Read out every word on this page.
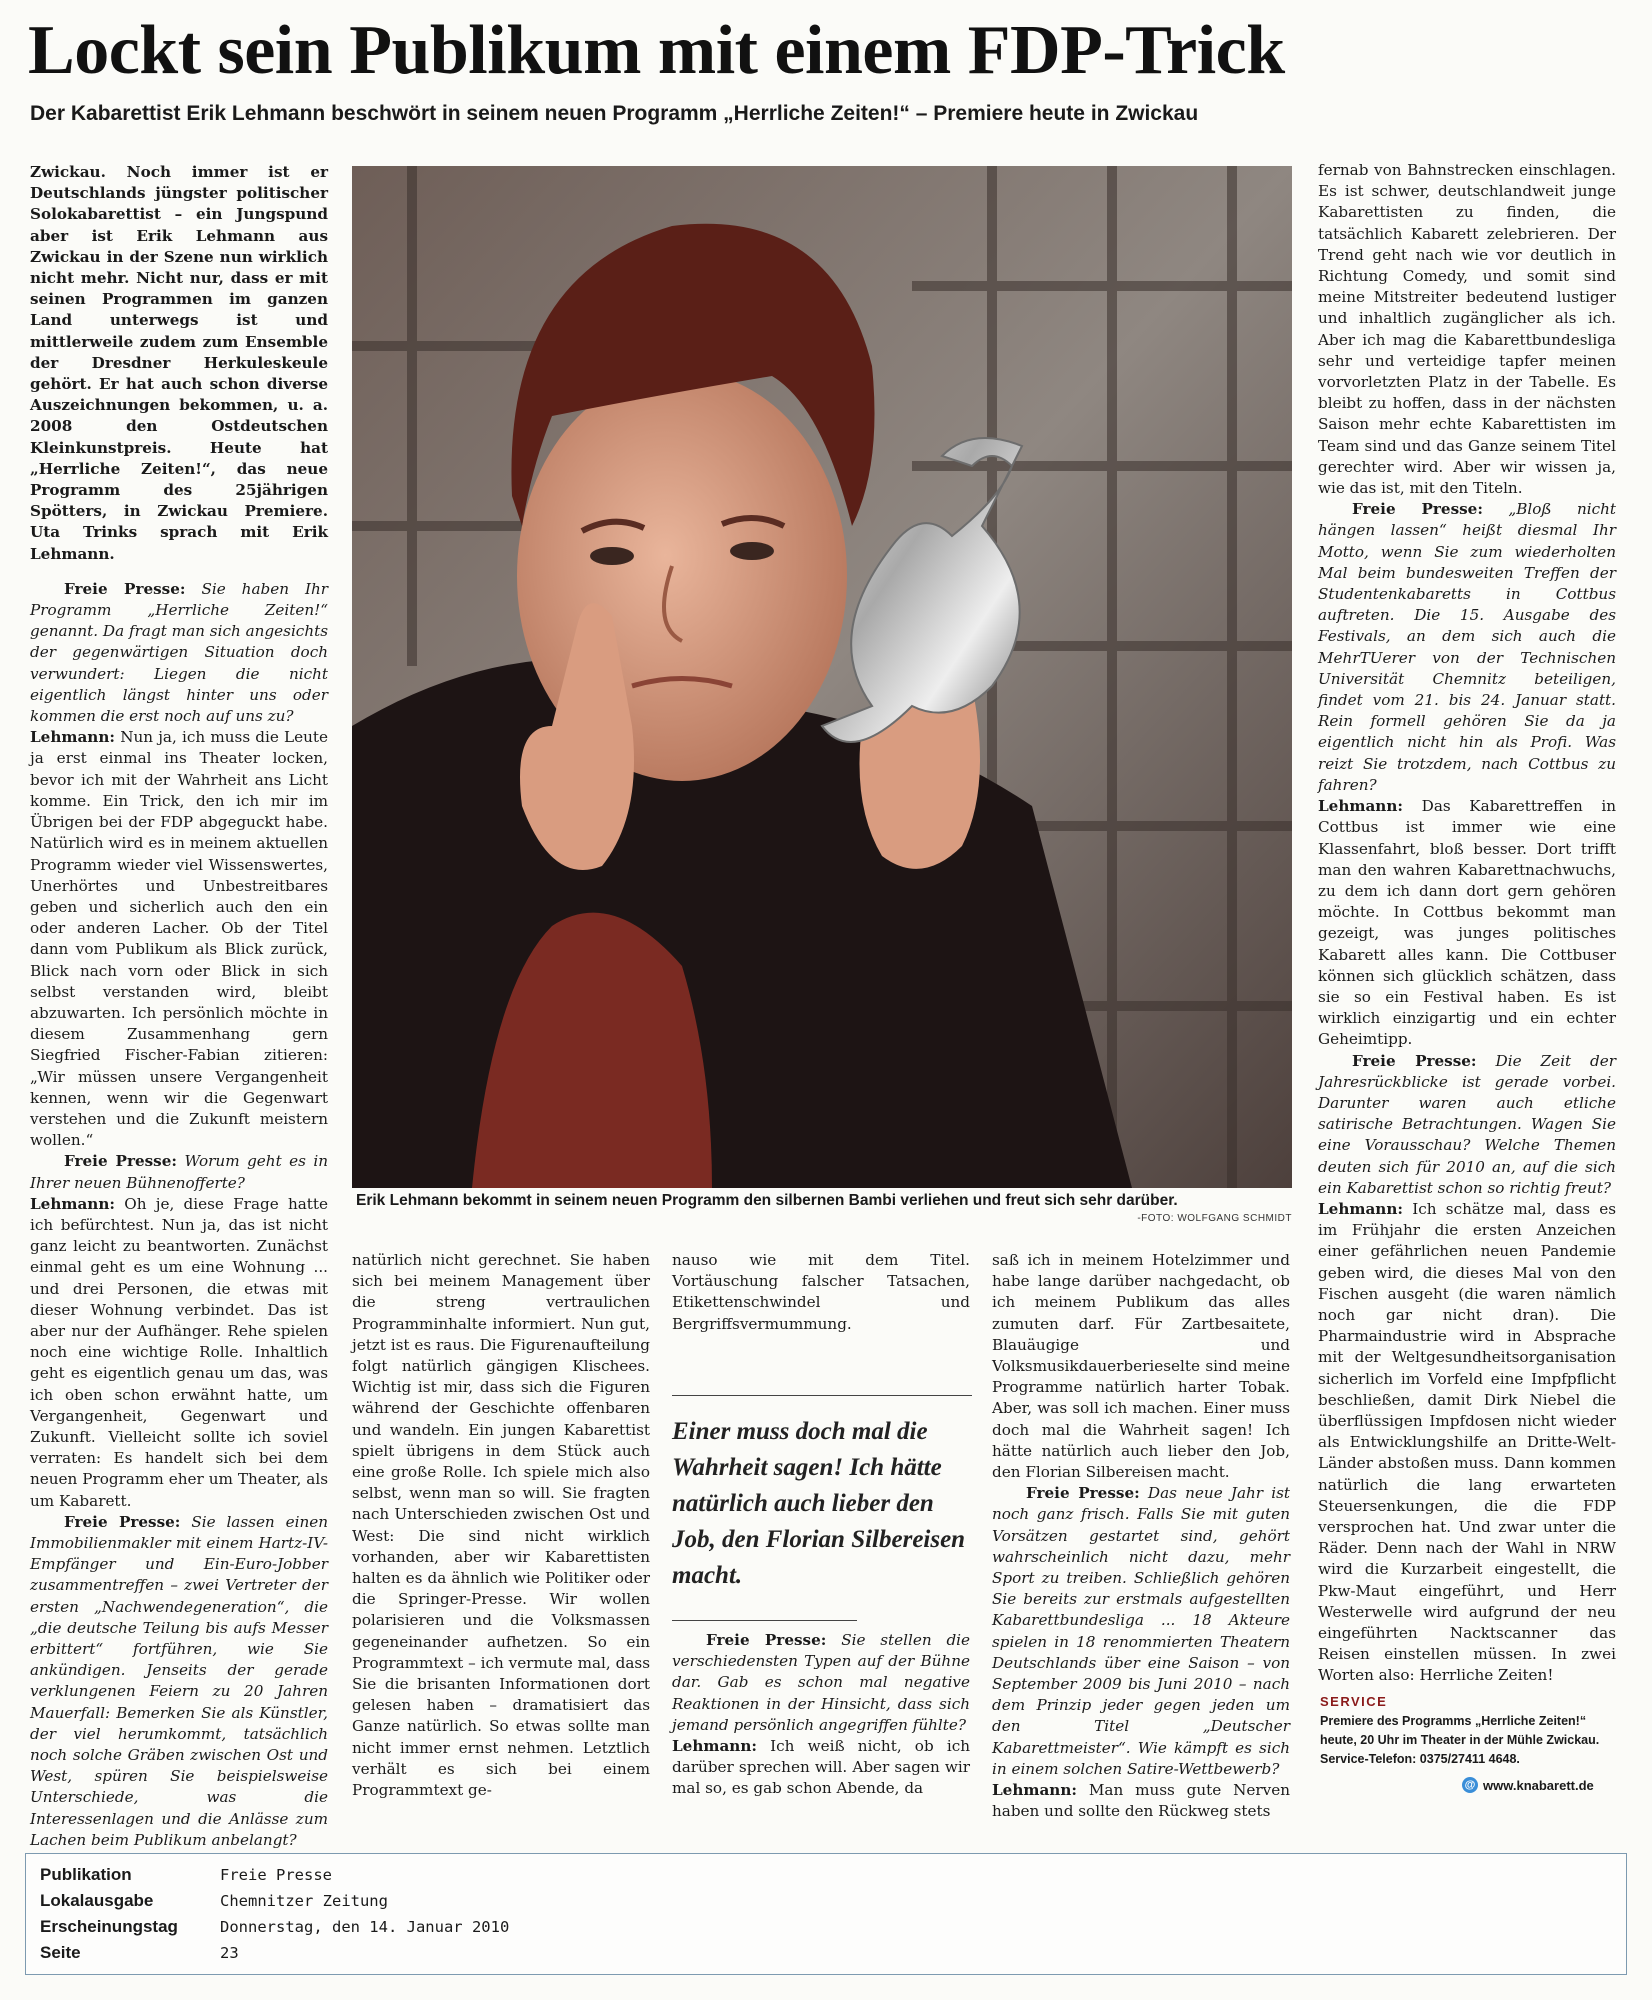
Lockt sein Publikum mit einem FDP-Trick
Der Kabarettist Erik Lehmann beschwört in seinem neuen Programm „Herrliche Zeiten!“ – Premiere heute in Zwickau

Zwickau. Noch immer ist er Deutschlands jüngster politischer Solokabarettist – ein Jungspund aber ist Erik Lehmann aus Zwickau in der Szene nun wirklich nicht mehr. Nicht nur, dass er mit seinen Programmen im ganzen Land unterwegs ist und mittlerweile zudem zum Ensemble der Dresdner Herkuleskeule gehört. Er hat auch schon diverse Auszeichnungen bekommen, u. a. 2008 den Ostdeutschen Kleinkunstpreis. Heute hat „Herrliche Zeiten!“, das neue Programm des 25jährigen Spötters, in Zwickau Premiere. Uta Trinks sprach mit Erik Lehmann.

Freie Presse: Sie haben Ihr Programm „Herrliche Zeiten!“ genannt. Da fragt man sich angesichts der gegenwärtigen Situation doch verwundert: Liegen die nicht eigentlich längst hinter uns oder kommen die erst noch auf uns zu?

Lehmann: Nun ja, ich muss die Leute ja erst einmal ins Theater locken, bevor ich mit der Wahrheit ans Licht komme. Ein Trick, den ich mir im Übrigen bei der FDP abgeguckt habe. Natürlich wird es in meinem aktuellen Programm wieder viel Wissenswertes, Unerhörtes und Unbestreitbares geben und sicherlich auch den ein oder anderen Lacher. Ob der Titel dann vom Publikum als Blick zurück, Blick nach vorn oder Blick in sich selbst verstanden wird, bleibt abzuwarten. Ich persönlich möchte in diesem Zusammenhang gern Siegfried Fischer-Fabian zitieren: „Wir müssen unsere Vergangenheit kennen, wenn wir die Gegenwart verstehen und die Zukunft meistern wollen.“

Freie Presse: Worum geht es in Ihrer neuen Bühnenofferte?

Lehmann: Oh je, diese Frage hatte ich befürchtest. Nun ja, das ist nicht ganz leicht zu beantworten. Zunächst einmal geht es um eine Wohnung ... und drei Personen, die etwas mit dieser Wohnung verbindet. Das ist aber nur der Aufhänger. Rehe spielen noch eine wichtige Rolle. Inhaltlich geht es eigentlich genau um das, was ich oben schon erwähnt hatte, um Vergangenheit, Gegenwart und Zukunft. Vielleicht sollte ich soviel verraten: Es handelt sich bei dem neuen Programm eher um Theater, als um Kabarett.

Freie Presse: Sie lassen einen Immobilienmakler mit einem Hartz-IV-Empfänger und Ein-Euro-Jobber zusammentreffen – zwei Vertreter der ersten „Nachwendegeneration“, die „die deutsche Teilung bis aufs Messer erbittert“ fortführen, wie Sie ankündigen. Jenseits der gerade verklungenen Feiern zu 20 Jahren Mauerfall: Bemerken Sie als Künstler, der viel herumkommt, tatsächlich noch solche Gräben zwischen Ost und West, spüren Sie beispielsweise Unterschiede, was die Interessenlagen und die Anlässe zum Lachen beim Publikum anbelangt?

Erik Lehmann bekommt in seinem neuen Programm den silbernen Bambi verliehen und freut sich sehr darüber.
-FOTO: WOLFGANG SCHMIDT

natürlich nicht gerechnet. Sie haben sich bei meinem Management über die streng vertraulichen Programminhalte informiert. Nun gut, jetzt ist es raus. Die Figurenaufteilung folgt natürlich gängigen Klischees. Wichtig ist mir, dass sich die Figuren während der Geschichte offenbaren und wandeln. Ein jungen Kabarettist spielt übrigens in dem Stück auch eine große Rolle. Ich spiele mich also selbst, wenn man so will. Sie fragten nach Unterschieden zwischen Ost und West: Die sind nicht wirklich vorhanden, aber wir Kabarettisten halten es da ähnlich wie Politiker oder die Springer-Presse. Wir wollen polarisieren und die Volksmassen gegeneinander aufhetzen. So ein Programmtext – ich vermute mal, dass Sie die brisanten Informationen dort gelesen haben – dramatisiert das Ganze natürlich. So etwas sollte man nicht immer ernst nehmen. Letztlich verhält es sich bei einem Programmtext ge-

nauso wie mit dem Titel. Vortäuschung falscher Tatsachen, Etikettenschwindel und Bergriffsvermummung.

Einer muss doch mal die Wahrheit sagen! Ich hätte natürlich auch lieber den Job, den Florian Silbereisen macht.

Freie Presse: Sie stellen die verschiedensten Typen auf der Bühne dar. Gab es schon mal negative Reaktionen in der Hinsicht, dass sich jemand persönlich angegriffen fühlte?

Lehmann: Ich weiß nicht, ob ich darüber sprechen will. Aber sagen wir mal so, es gab schon Abende, da

saß ich in meinem Hotelzimmer und habe lange darüber nachgedacht, ob ich meinem Publikum das alles zumuten darf. Für Zartbesaitete, Blauäugige und Volksmusikdauerberieselte sind meine Programme natürlich harter Tobak. Aber, was soll ich machen. Einer muss doch mal die Wahrheit sagen! Ich hätte natürlich auch lieber den Job, den Florian Silbereisen macht.

Freie Presse: Das neue Jahr ist noch ganz frisch. Falls Sie mit guten Vorsätzen gestartet sind, gehört wahrscheinlich nicht dazu, mehr Sport zu treiben. Schließlich gehören Sie bereits zur erstmals aufgestellten Kabarettbundesliga ... 18 Akteure spielen in 18 renommierten Theatern Deutschlands über eine Saison – von September 2009 bis Juni 2010 – nach dem Prinzip jeder gegen jeden um den Titel „Deutscher Kabarettmeister“. Wie kämpft es sich in einem solchen Satire-Wettbewerb?

Lehmann: Man muss gute Nerven haben und sollte den Rückweg stets

fernab von Bahnstrecken einschlagen. Es ist schwer, deutschlandweit junge Kabarettisten zu finden, die tatsächlich Kabarett zelebrieren. Der Trend geht nach wie vor deutlich in Richtung Comedy, und somit sind meine Mitstreiter bedeutend lustiger und inhaltlich zugänglicher als ich. Aber ich mag die Kabarettbundesliga sehr und verteidige tapfer meinen vorvorletzten Platz in der Tabelle. Es bleibt zu hoffen, dass in der nächsten Saison mehr echte Kabarettisten im Team sind und das Ganze seinem Titel gerechter wird. Aber wir wissen ja, wie das ist, mit den Titeln.

Freie Presse: „Bloß nicht hängen lassen“ heißt diesmal Ihr Motto, wenn Sie zum wiederholten Mal beim bundesweiten Treffen der Studentenkabaretts in Cottbus auftreten. Die 15. Ausgabe des Festivals, an dem sich auch die MehrTUerer von der Technischen Universität Chemnitz beteiligen, findet vom 21. bis 24. Januar statt. Rein formell gehören Sie da ja eigentlich nicht hin als Profi. Was reizt Sie trotzdem, nach Cottbus zu fahren?

Lehmann: Das Kabarettreffen in Cottbus ist immer wie eine Klassenfahrt, bloß besser. Dort trifft man den wahren Kabarettnachwuchs, zu dem ich dann dort gern gehören möchte. In Cottbus bekommt man gezeigt, was junges politisches Kabarett alles kann. Die Cottbuser können sich glücklich schätzen, dass sie so ein Festival haben. Es ist wirklich einzigartig und ein echter Geheimtipp.

Freie Presse: Die Zeit der Jahresrückblicke ist gerade vorbei. Darunter waren auch etliche satirische Betrachtungen. Wagen Sie eine Vorausschau? Welche Themen deuten sich für 2010 an, auf die sich ein Kabarettist schon so richtig freut?

Lehmann: Ich schätze mal, dass es im Frühjahr die ersten Anzeichen einer gefährlichen neuen Pandemie geben wird, die dieses Mal von den Fischen ausgeht (die waren nämlich noch gar nicht dran). Die Pharmaindustrie wird in Absprache mit der Weltgesundheitsorganisation sicherlich im Vorfeld eine Impfpflicht beschließen, damit Dirk Niebel die überflüssigen Impfdosen nicht wieder als Entwicklungshilfe an Dritte-Welt-Länder abstoßen muss. Dann kommen natürlich die lang erwarteten Steuersenkungen, die die FDP versprochen hat. Und zwar unter die Räder. Denn nach der Wahl in NRW wird die Kurzarbeit eingestellt, die Pkw-Maut eingeführt, und Herr Westerwelle wird aufgrund der neu eingeführten Nacktscanner das Reisen einstellen müssen. In zwei Worten also: Herrliche Zeiten!

SERVICE
Premiere des Programms „Herrliche Zeiten!“ heute, 20 Uhr im Theater in der Mühle Zwickau. Service-Telefon: 0375/27411 4648.
@ www.knabarett.de
Publikation	Freie Presse
Lokalausgabe	Chemnitzer Zeitung
Erscheinungstag	Donnerstag, den 14. Januar 2010
Seite	23
